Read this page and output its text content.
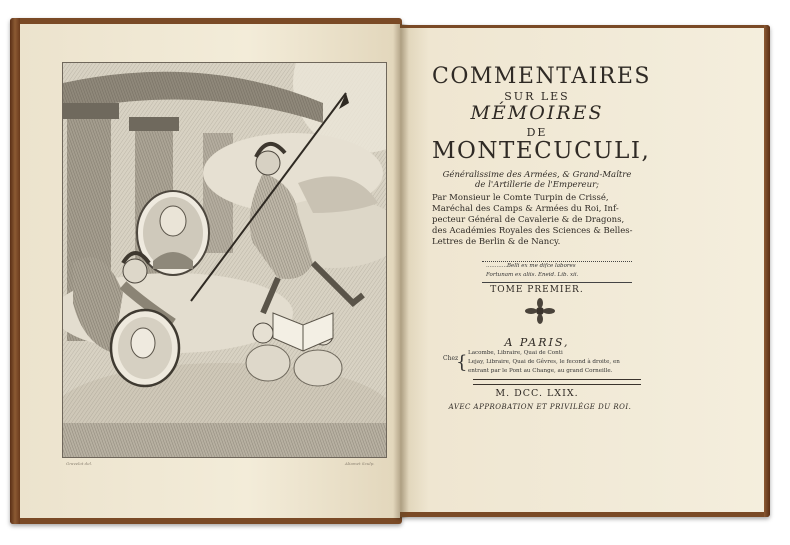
Gravelot del.	Aliamet Sculp.
COMMENTAIRES
SUR LES
MÉMOIRES
DE
MONTECUCULI,
Généralissime des Armées, & Grand-Maître
de l'Artillerie de l'Empereur;
Par Monsieur le Comte Turpin de Crissé,
Maréchal des Camps & Armées du Roi, Inf-
pecteur Général de Cavalerie & de Dragons,
des Académies Royales des Sciences & Belles-
Lettres de Berlin & de Nancy.
............Belli ex me difce labores
Fortunam ex aliis. Eneid. Lib. xii.
TOME PREMIER.
A PARIS,
Chez
{ Lacombe, Libraire, Quai de Conti
Lejay, Libraire, Quai de Gêvres, le fecond à droite, en
entrant par le Pont au Change, au grand Corneille.
M. DCC. LXIX.
AVEC APPROBATION ET PRIVILÈGE DU ROI.
